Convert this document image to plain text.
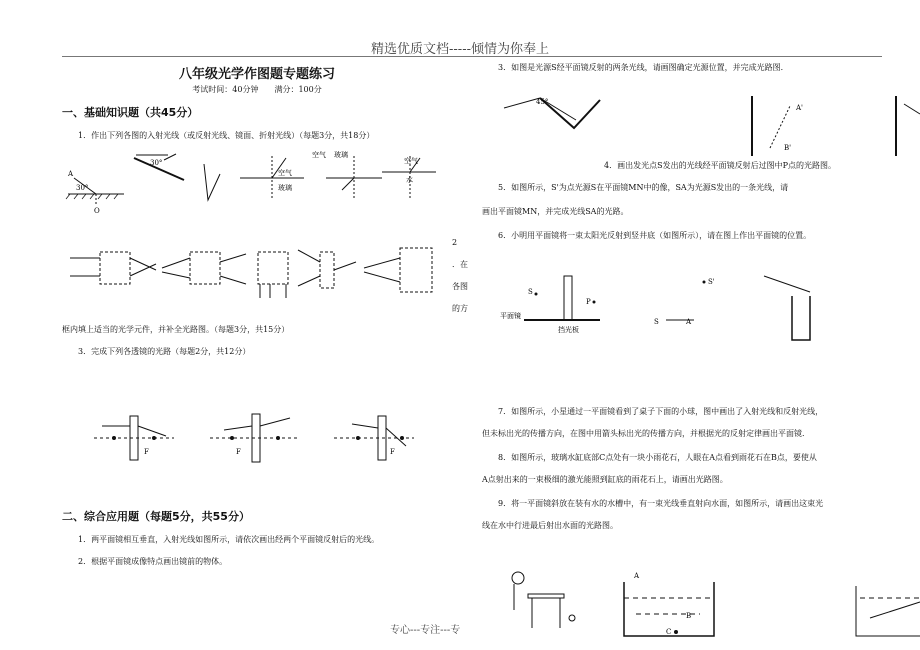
精选优质文档-----倾情为你奉上
八年级光学作图题专题练习
考试时间：40分钟　　满分：100分
一、基础知识题（共45分）
1．作出下列各图的入射光线（或反射光线、镜面、折射光线）（每题3分，共18分）
A
O
30°
30°
空气 玻璃
空气
玻璃
空气
水
2
．在
各图
的方
框内填上适当的光学元件，并补全光路图。（每题3分，共15分）
3．完成下列各透镜的光路（每题2分，共12分）
F	F	F
二、综合应用题（每题5分，共55分）
1．两平面镜相互垂直，入射光线如图所示，请依次画出经两个平面镜反射后的光线。
2．根据平面镜成像特点画出镜前的物体。
3．如图是光源S经平面镜反射的两条光线，请画图确定光源位置，并完成光路图．
45°
A'
B'
4．画出发光点S发出的光线经平面镜反射后过图中P点的光路图。
5．如图所示，S'为点光源S在平面镜MN中的像，SA为光源S发出的一条光线，请
画出平面镜MN，并完成光线SA的光路。
6．小明用平面镜将一束太阳光反射到竖井底（如图所示），请在图上作出平面镜的位置。
S
P
平面镜
挡光板
S
S'
A
7．如图所示，小星通过一平面镜看到了桌子下面的小球，图中画出了入射光线和反射光线，
但未标出光的传播方向，在图中用箭头标出光的传播方向，并根据光的反射定律画出平面镜．
8．如图所示，玻璃水缸底部C点处有一块小雨花石，人眼在A点看到雨花石在B点，要使从
A点射出来的一束极细的激光能照到缸底的雨花石上，请画出光路图。
9．将一平面镜斜放在装有水的水槽中，有一束光线垂直射向水面，如图所示，请画出这束光
线在水中行进最后射出水面的光路图。
A
B
C
专心---专注---专
